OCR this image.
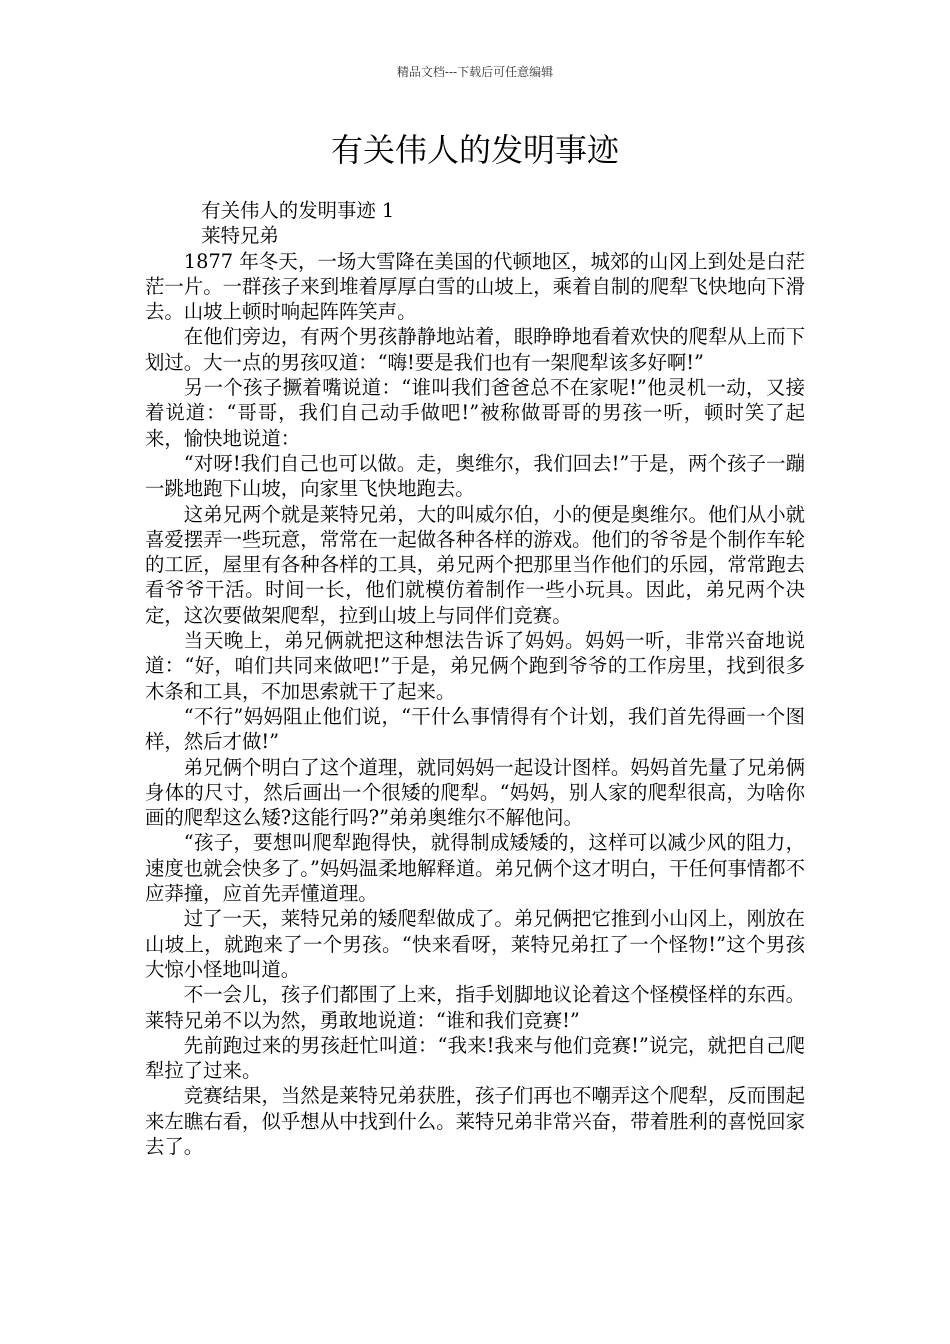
精品文档---下载后可任意编辑
有关伟人的发明事迹

有关伟人的发明事迹 1

莱特兄弟

1877 年冬天，一场大雪降在美国的代顿地区，城郊的山冈上到处是白茫茫一片。一群孩子来到堆着厚厚白雪的山坡上，乘着自制的爬犁飞快地向下滑去。山坡上顿时响起阵阵笑声。

在他们旁边，有两个男孩静静地站着，眼睁睁地看着欢快的爬犁从上而下划过。大一点的男孩叹道：“嗨!要是我们也有一架爬犁该多好啊!”

另一个孩子撅着嘴说道：“谁叫我们爸爸总不在家呢!”他灵机一动，又接着说道：“哥哥，我们自己动手做吧!”被称做哥哥的男孩一听，顿时笑了起来，愉快地说道：

“对呀!我们自己也可以做。走，奥维尔，我们回去!”于是，两个孩子一蹦一跳地跑下山坡，向家里飞快地跑去。

这弟兄两个就是莱特兄弟，大的叫威尔伯，小的便是奥维尔。他们从小就喜爱摆弄一些玩意，常常在一起做各种各样的游戏。他们的爷爷是个制作车轮的工匠，屋里有各种各样的工具，弟兄两个把那里当作他们的乐园，常常跑去看爷爷干活。时间一长，他们就模仿着制作一些小玩具。因此，弟兄两个决定，这次要做架爬犁，拉到山坡上与同伴们竞赛。

当天晚上，弟兄俩就把这种想法告诉了妈妈。妈妈一听，非常兴奋地说道：“好，咱们共同来做吧!”于是，弟兄俩个跑到爷爷的工作房里，找到很多木条和工具，不加思索就干了起来。

“不行”妈妈阻止他们说，“干什么事情得有个计划，我们首先得画一个图样，然后才做!”

弟兄俩个明白了这个道理，就同妈妈一起设计图样。妈妈首先量了兄弟俩身体的尺寸，然后画出一个很矮的爬犁。“妈妈，别人家的爬犁很高，为啥你画的爬犁这么矮?这能行吗?”弟弟奥维尔不解他问。

“孩子，要想叫爬犁跑得快，就得制成矮矮的，这样可以减少风的阻力，速度也就会快多了。”妈妈温柔地解释道。弟兄俩个这才明白，干任何事情都不应莽撞，应首先弄懂道理。

过了一天，莱特兄弟的矮爬犁做成了。弟兄俩把它推到小山冈上，刚放在山坡上，就跑来了一个男孩。“快来看呀，莱特兄弟扛了一个怪物!”这个男孩大惊小怪地叫道。

不一会儿，孩子们都围了上来，指手划脚地议论着这个怪模怪样的东西。莱特兄弟不以为然，勇敢地说道：“谁和我们竞赛!”

先前跑过来的男孩赶忙叫道：“我来!我来与他们竞赛!”说完，就把自己爬犁拉了过来。

竞赛结果，当然是莱特兄弟获胜，孩子们再也不嘲弄这个爬犁，反而围起来左瞧右看，似乎想从中找到什么。莱特兄弟非常兴奋，带着胜利的喜悦回家去了。
